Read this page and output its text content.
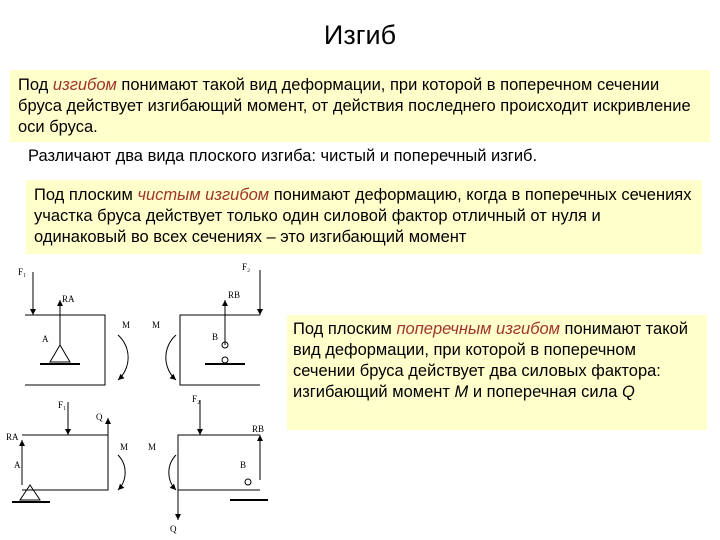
Изгиб
Под изгибом понимают такой вид деформации, при которой в поперечном сечении бруса действует изгибающий момент, от действия последнего происходит искривление оси бруса.
Различают два вида плоского изгиба: чистый и поперечный изгиб.
Под плоским чистым изгибом понимают деформацию, когда в поперечных сечениях участка бруса действует только один силовой фактор отличный от нуля и одинаковый во всех сечениях – это изгибающий момент
Под плоским поперечным изгибом понимают такой вид деформации, при которой в поперечном сечении бруса действует два силовых фактора: изгибающий момент M и поперечная сила Q
F₁	F₂
RA	RB
M M
A	B
F₁
F₂
RA
RB
Q
Q
M M
A	B
